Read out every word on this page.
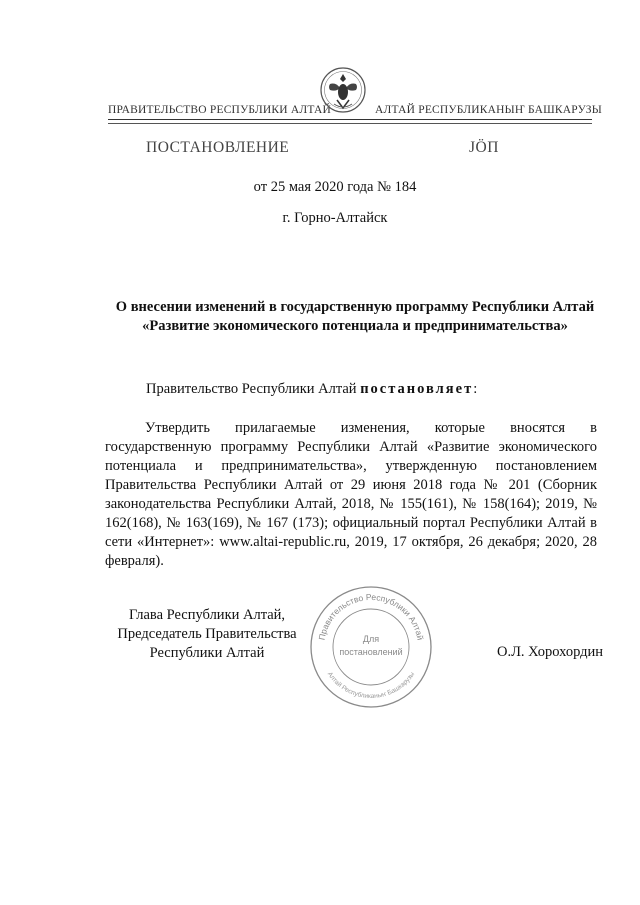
ПРАВИТЕЛЬСТВО РЕСПУБЛИКИ АЛТАЙ	АЛТАЙ РЕСПУБЛИКАНЫҤ БАШКАРУЗЫ
ПОСТАНОВЛЕНИЕ	ЈӦП
от 25 мая 2020 года № 184
г. Горно-Алтайск
О внесении изменений в государственную программу Республики Алтай «Развитие экономического потенциала и предпринимательства»
Правительство Республики Алтай постановляет:
Утвердить прилагаемые изменения, которые вносятся в государственную программу Республики Алтай «Развитие экономического потенциала и предпринимательства», утвержденную постановлением Правительства Республики Алтай от 29 июня 2018 года № 201 (Сборник законодательства Республики Алтай, 2018, № 155(161), № 158(164); 2019, № 162(168), № 163(169), № 167 (173); официальный портал Республики Алтай в сети «Интернет»: www.altai-republic.ru, 2019, 17 октября, 26 декабря; 2020, 28 февраля).
Глава Республики Алтай,
Председатель Правительства
Республики Алтай	О.Л. Хорохордин
Правительство Республики Алтай
Алтай Республиканыҥ Башкарузы
Для
постановлений
